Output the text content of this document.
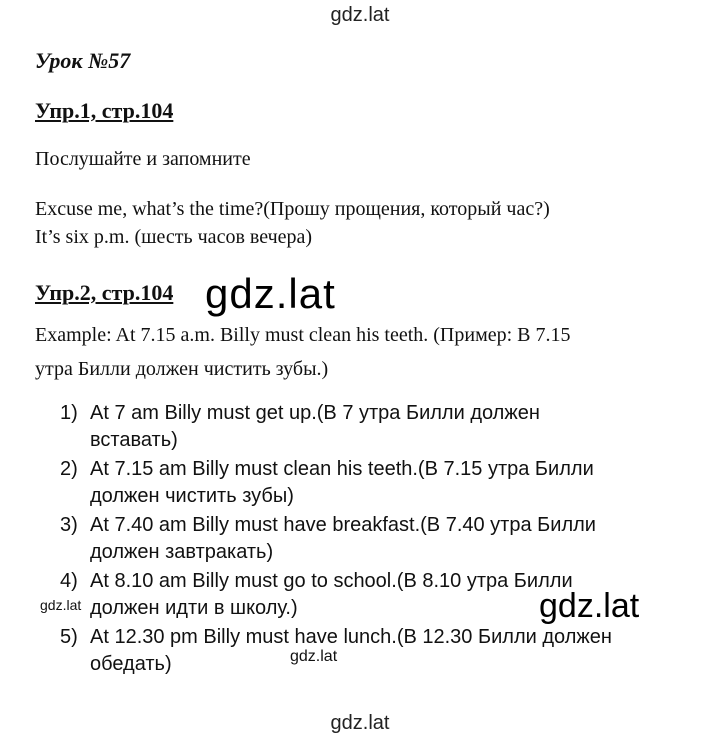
gdz.lat
Урок №57
Упр.1, стр.104
Послушайте и запомните
Excuse me, what’s the time?(Прошу прощения, который час?)
It’s six p.m. (шесть часов вечера)
Упр.2, стр.104 gdz.lat
Example: At 7.15 a.m. Billy must clean his teeth. (Пример: В 7.15
утра Билли должен чистить зубы.)
1) At 7 am Billy must get up.(В 7 утра Билли должен
вставать)
2) At 7.15 am Billy must clean his teeth.(В 7.15 утра Билли
должен чистить зубы)
3) At 7.40 am Billy must have breakfast.(В 7.40 утра Билли
должен завтракать)
4) At 8.10 am Billy must go to school.(В 8.10 утра Билли
должен идти в школу.)
5) At 12.30 pm Billy must have lunch.(В 12.30 Билли должен
обедать)
gdz.lat	gdz.lat
gdz.lat
gdz.lat
